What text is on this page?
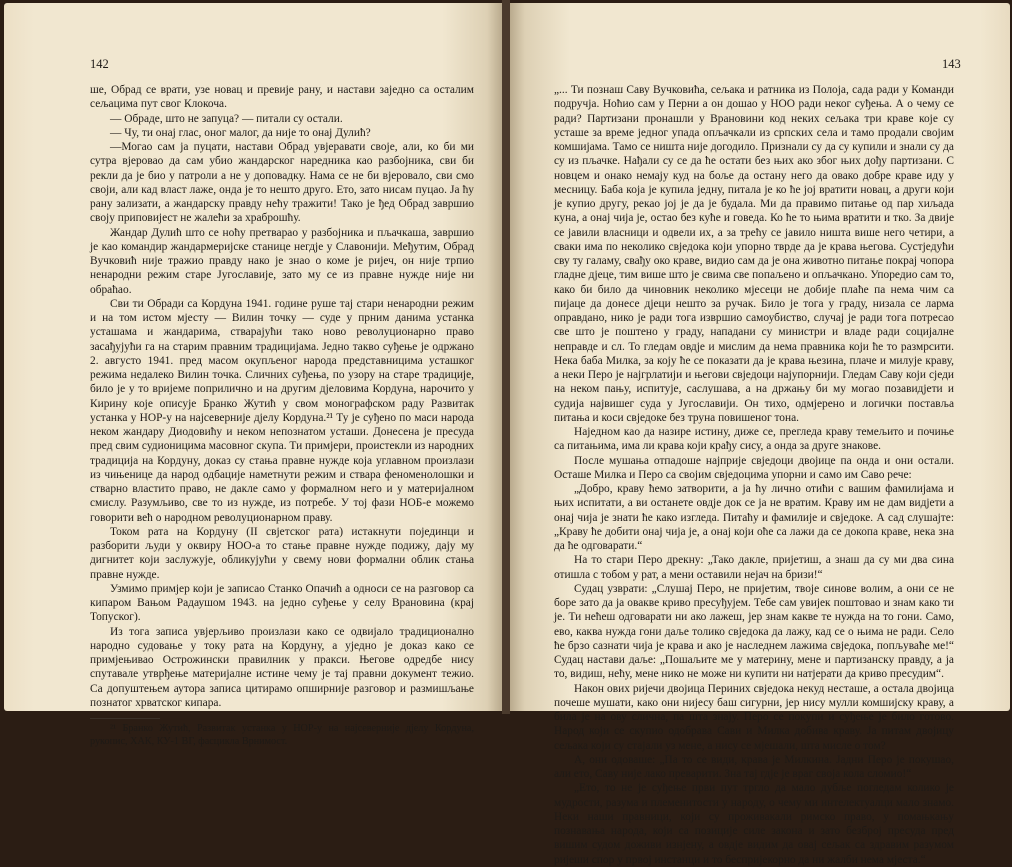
142

ше, Обрад се врати, узе новац и превије рану, и настави заједно са осталим сељацима пут свог Клокоча.

— Обраде, што не запуца? — питали су остали.

— Чу, ти онај глас, оног малог, да није то онај Дулић?

—Могао сам ја пуцати, настави Обрад увјеравати своје, али, ко би ми сутра вјеровао да сам убио жандарског наредника као разбојника, сви би рекли да је био у патроли а не у доповадку. Нама се не би вјеровало, сви смо своји, али кад власт лаже, онда је то нешто друго. Ето, зато нисам пуцао. Ја ћу рану зализати, а жандарску правду нећу тражити! Тако је ђед Обрад завршио своју приповијест не жалећи за храброшћу.

Жандар Дулић што се ноћу претварао у разбојника и пљачкаша, завршио је као командир жандармеријске станице негдје у Славонији. Међутим, Обрад Вучковић није тражио правду нако је знао о коме је ријеч, он није трпио ненародни режим старе Југославије, зато му се из правне нужде није ни обраћао.

Сви ти Обради са Кордуна 1941. године руше тај стари ненародни режим и на том истом мјесту — Вилин точку — суде у прним данима устанка усташама и жандарима, стварајући тако ново револуционарно право засађујући га на старим правним традицијама. Једно такво суђење је одржано 2. августо 1941. пред масом окупљеног народа представницима усташког режима недалеко Вилин точка. Сличних суђења, по узору на старе традиције, било је у то вријеме поприлично и на другим дјеловима Кордуна, нарочито у Кирину које описује Бранко Жутић у свом монографском раду Развитак устанка у НОР-у на најсеверније дјелу Кордуна.²¹ Ту је суђено по маси народа неком жандару Диодовићу и неком непознатом усташи. Донесена је пресуда пред свим судионицима масовног скупа. Ти примјери, проистекли из народних традиција на Кордуну, доказ су стања правне нужде која углавном произлази из чињенице да народ одбације наметнути режим и ствара феноменолошки и стварно властито право, не дакле само у формалном него и у материјалном смислу. Разумљиво, све то из нужде, из потребе. У тој фази НОБ-е можемо говорити већ о народном револуционарном праву.

Током рата на Кордуну (II свјетског рата) истакнути појединци и разборити људи у оквиру НОО-а то стање правне нужде подижу, дају му дигнитет који заслужује, обликујући у свему нови формални облик стања правне нужде.

Узмимо примјер који је записао Станко Опачић а односи се на разговор са кипаром Вањом Радаушом 1943. на једно суђење у селу Врановина (крај Топуског).

Из тога записа увјерљиво произлази како се одвијало традиционално народно судовање у току рата на Кордуну, а уједно је доказ како се примјењивао Острожински правилник у пракси. Његове одредбе нису спутавале утврђење материјалне истине чему је тај правни документ тежио. Са допуштењем аутора записа цитирамо опширније разговор и размишљање познатог хрватског кипара.

²¹ Бранко Жутић, Развитак устанка у НОР-у на најсеверније дјелу Кордуна, рукопис, ХАК, КУ-1 ВГ, фасцикла Врнимост.

143

„... Ти познаш Саву Вучковића, сељака и ратника из Полоја, сада ради у Команди подручја. Ноћио сам у Перни а он дошао у НОО ради неког суђења. А о чему се ради? Партизани пронашли у Врановини код неких сељака три краве које су усташе за време једног упада опљачкали из српских села и тамо продали својим комшијама. Тамо се ништа није догодило. Признали су да су купили и знали су да су из пљачке. Нађали су се да ће остати без њих ако због њих дођу партизани. С новцем и онако немају куд на боље да остану него да овако добре краве иду у месницу. Баба која је купила једну, питала је ко ће јој вратити новац, а други који је купио другу, рекао јој је да је будала. Ми да правимо питање од пар хиљада куна, а онај чија је, остао без куће и говеда. Ко ће то њима вратити и тко. За двије се јавили власници и одвели их, а за трећу се јавило ништа више него четири, а сваки има по неколико свједока који упорно тврде да је крава његова. Сустједући сву ту галаму, свађу око краве, видио сам да је она животно питање покрај чопора гладне дјеце, тим више што је свима све попаљено и опљачкано. Упоредио сам то, како би било да чиновник неколико мјесеци не добије плаће па нема чим са пијаце да донесе дјеци нешто за ручак. Било је тога у граду, низала се ларма оправдано, нико је ради тога извршио самоубиство, случај је ради тога потресао све што је поштено у граду, нападани су министри и владе ради социјалне неправде и сл. То гледам овдје и мислим да нема правника који ће то размрсити. Нека баба Милка, за коју ће се показати да је крава њезина, плаче и милује краву, а неки Перо је најгрлатији и његови свједоци најупорнији. Гледам Саву који сједи на неком пању, испитује, саслушава, а на држању би му могао позавидјети и судија највишег суда у Југославији. Он тихо, одмјерено и логички поставља питања и коси свједоке без труна повишеног тона.

Наједнoм као да назире истину, диже се, прегледа краву темељито и почиње са питањима, има ли крава који крађу сису, а онда за друге знакове.

После мушања отпадоше најприје свједоци двојице па онда и они остали. Осташе Милка и Перо са својим свједоцима упорни и само им Саво рече:

„Добро, краву ћемо затворити, а ја ћу лично отићи с вашим фамилијама и њих испитати, а ви останете овдје док се ја не вратим. Краву им не дам видјети а онај чија је знати ће како изгледа. Питаћу и фамилије и свједоке. А сад слушајте: „Краву ће добити онај чија је, а онај који оће са лажи да се докопа краве, нека зна да ће одговарати.“

На то стари Перо дрекну: „Тако дакле, пријетиш, а знаш да су ми два сина отишла с тобом у рат, а мени оставили нејач на бризи!“

Судац узврати: „Слушај Перо, не пријетим, твоје синове волим, а они се не боре зато да ја овакве криво пресуђујем. Тебе сам увијек поштовао и знам како ти је. Ти нећеш одговарати ни ако лажеш, јер знам какве те нужда на то гони. Само, ево, каква нужда гони даље толико свједока да лажу, кад се о њима не ради. Село ће брзо сазнати чија је крава и ако је наследнем лажима свједока, попљуваће ме!“ Судац настави даље: „Пошаљите ме у материну, мене и партизанску правду, а ја то, видиш, нећу, мене нико не може ни купити ни натјерати да криво пресудим“.

Након ових ријечи двојица Периних свједока некуд несташе, а остала двојица почеше мушати, како они нијесу баш сигурни, јер нису мулли комшијску краву, а била је на ову слична, па шта знају. Перо се покупи и суђење је било готово. Народ који се скупио одобрава Сави и Милка добива краву. Ја питам двојицу сељака који су стајали уз мене, а нису се мјешали, шта мисле о том?

А, они одоваше: „Па то се види, крава је Милкина. Јадни Перо је покушао, али ето, Саву није лако преварити. Зна тај гдје је враг своја кола сломио!“

„Ето, то не је суђење први пут тргло да мало дубље погледам колико је мудрости, разума и племенитости у народу, о чему ми интелектуалци мало знамо. Неки наши правници, који су проживакали римско право, у помањкању познавања народа, који са позиције силе закона и зато безброј пресуда пред вишим судом доживи изнјену, а овдје видим да овај сељак са здравим разумом ријеши спор у првој инстанци и то беспријекорно да ни жалби нема мјеста.“
